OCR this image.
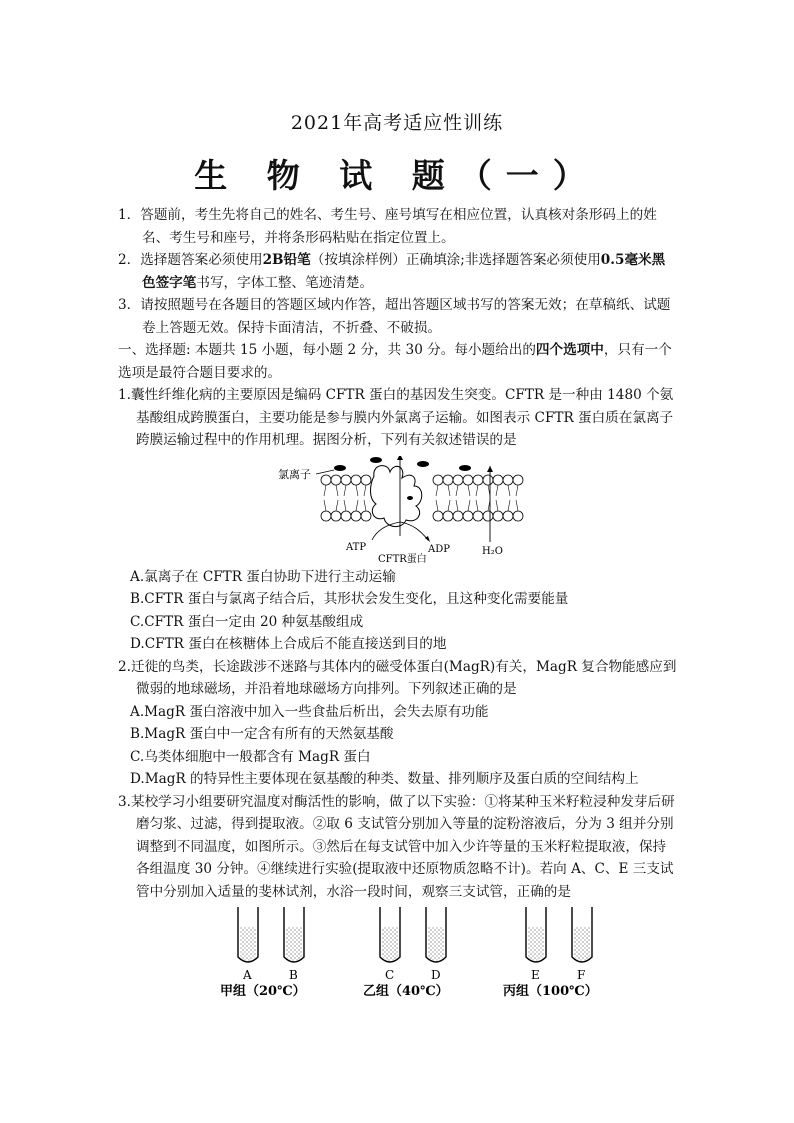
2021年高考适应性训练
生 物 试 题（一）

1．答题前，考生先将自己的姓名、考生号、座号填写在相应位置，认真核对条形码上的姓名、考生号和座号，并将条形码粘贴在指定位置上。

2．选择题答案必须使用2B铅笔（按填涂样例）正确填涂;非选择题答案必须使用0.5毫米黑色签字笔书写，字体工整、笔迹清楚。

3．请按照题号在各题目的答题区域内作答，超出答题区域书写的答案无效；在草稿纸、试题卷上答题无效。保持卡面清洁，不折叠、不破损。

一、选择题: 本题共 15 小题，每小题 2 分，共 30 分。每小题给出的四个选项中，只有一个选项是最符合题目要求的。

1.囊性纤维化病的主要原因是编码 CFTR 蛋白的基因发生突变。CFTR 是一种由 1480 个氨基酸组成跨膜蛋白，主要功能是参与膜内外氯离子运输。如图表示 CFTR 蛋白质在氯离子跨膜运输过程中的作用机理。据图分析，下列有关叙述错误的是

氯离子
ATP	ADP	H₂O
CFTR蛋白

A.氯离子在 CFTR 蛋白协助下进行主动运输

B.CFTR 蛋白与氯离子结合后，其形状会发生变化，且这种变化需要能量

C.CFTR 蛋白一定由 20 种氨基酸组成

D.CFTR 蛋白在核糖体上合成后不能直接送到目的地

2.迁徙的鸟类，长途跋涉不迷路与其体内的磁受体蛋白(MagR)有关，MagR 复合物能感应到微弱的地球磁场，并沿着地球磁场方向排列。下列叙述正确的是

A.MagR 蛋白溶液中加入一些食盐后析出，会失去原有功能

B.MagR 蛋白中一定含有所有的天然氨基酸

C.乌类体细胞中一般都含有 MagR 蛋白

D.MagR 的特异性主要体现在氨基酸的种类、数量、排列顺序及蛋白质的空间结构上

3.某校学习小组要研究温度对酶活性的影响，做了以下实验：①将某种玉米籽粒浸种发芽后研磨匀浆、过滤，得到提取液。②取 6 支试管分别加入等量的淀粉溶液后，分为 3 组并分别调整到不同温度，如图所示。③然后在每支试管中加入少许等量的玉米籽粒提取液，保持各组温度 30 分钟。④继续进行实验(提取液中还原物质忽略不计)。若向 A、C、E 三支试管中分别加入适量的斐林试剂，水浴一段时间，观察三支试管，正确的是

A	B	C	D	E	F
甲组（20℃）	乙组（40℃）	丙组（100℃）
